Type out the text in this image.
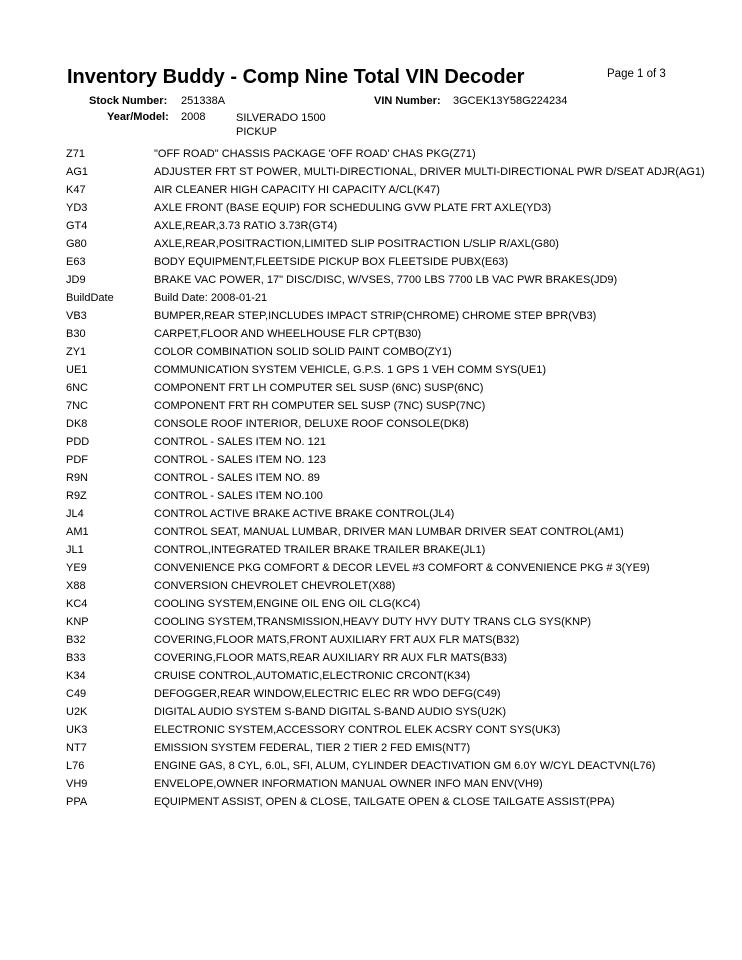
Inventory Buddy - Comp Nine Total VIN Decoder	Page 1 of 3
Stock Number: 251338A	VIN Number: 3GCEK13Y58G224234
Year/Model: 2008	SILVERADO 1500 PICKUP
Z71	"OFF ROAD" CHASSIS PACKAGE 'OFF ROAD' CHAS PKG(Z71)
AG1	ADJUSTER FRT ST POWER, MULTI-DIRECTIONAL, DRIVER MULTI-DIRECTIONAL PWR D/SEAT ADJR(AG1)
K47	AIR CLEANER HIGH CAPACITY HI CAPACITY A/CL(K47)
YD3	AXLE FRONT (BASE EQUIP) FOR SCHEDULING GVW PLATE FRT AXLE(YD3)
GT4	AXLE,REAR,3.73 RATIO 3.73R(GT4)
G80	AXLE,REAR,POSITRACTION,LIMITED SLIP POSITRACTION L/SLIP R/AXL(G80)
E63	BODY EQUIPMENT,FLEETSIDE PICKUP BOX FLEETSIDE PUBX(E63)
JD9	BRAKE VAC POWER, 17" DISC/DISC, W/VSES, 7700 LBS 7700 LB VAC PWR BRAKES(JD9)
BuildDate	Build Date: 2008-01-21
VB3	BUMPER,REAR STEP,INCLUDES IMPACT STRIP(CHROME) CHROME STEP BPR(VB3)
B30	CARPET,FLOOR AND WHEELHOUSE FLR CPT(B30)
ZY1	COLOR COMBINATION SOLID SOLID PAINT COMBO(ZY1)
UE1	COMMUNICATION SYSTEM VEHICLE, G.P.S. 1 GPS 1 VEH COMM SYS(UE1)
6NC	COMPONENT FRT LH COMPUTER SEL SUSP (6NC) SUSP(6NC)
7NC	COMPONENT FRT RH COMPUTER SEL SUSP (7NC) SUSP(7NC)
DK8	CONSOLE ROOF INTERIOR, DELUXE ROOF CONSOLE(DK8)
PDD	CONTROL - SALES ITEM NO. 121
PDF	CONTROL - SALES ITEM NO. 123
R9N	CONTROL - SALES ITEM NO. 89
R9Z	CONTROL - SALES ITEM NO.100
JL4	CONTROL ACTIVE BRAKE ACTIVE BRAKE CONTROL(JL4)
AM1	CONTROL SEAT, MANUAL LUMBAR, DRIVER MAN LUMBAR DRIVER SEAT CONTROL(AM1)
JL1	CONTROL,INTEGRATED TRAILER BRAKE TRAILER BRAKE(JL1)
YE9	CONVENIENCE PKG COMFORT & DECOR LEVEL #3 COMFORT & CONVENIENCE PKG # 3(YE9)
X88	CONVERSION CHEVROLET CHEVROLET(X88)
KC4	COOLING SYSTEM,ENGINE OIL ENG OIL CLG(KC4)
KNP	COOLING SYSTEM,TRANSMISSION,HEAVY DUTY HVY DUTY TRANS CLG SYS(KNP)
B32	COVERING,FLOOR MATS,FRONT AUXILIARY FRT AUX FLR MATS(B32)
B33	COVERING,FLOOR MATS,REAR AUXILIARY RR AUX FLR MATS(B33)
K34	CRUISE CONTROL,AUTOMATIC,ELECTRONIC CRCONT(K34)
C49	DEFOGGER,REAR WINDOW,ELECTRIC ELEC RR WDO DEFG(C49)
U2K	DIGITAL AUDIO SYSTEM S-BAND DIGITAL S-BAND AUDIO SYS(U2K)
UK3	ELECTRONIC SYSTEM,ACCESSORY CONTROL ELEK ACSRY CONT SYS(UK3)
NT7	EMISSION SYSTEM FEDERAL, TIER 2 TIER 2 FED EMIS(NT7)
L76	ENGINE GAS, 8 CYL, 6.0L, SFI, ALUM, CYLINDER DEACTIVATION GM 6.0Y W/CYL DEACTVN(L76)
VH9	ENVELOPE,OWNER INFORMATION MANUAL OWNER INFO MAN ENV(VH9)
PPA	EQUIPMENT ASSIST, OPEN & CLOSE, TAILGATE OPEN & CLOSE TAILGATE ASSIST(PPA)
